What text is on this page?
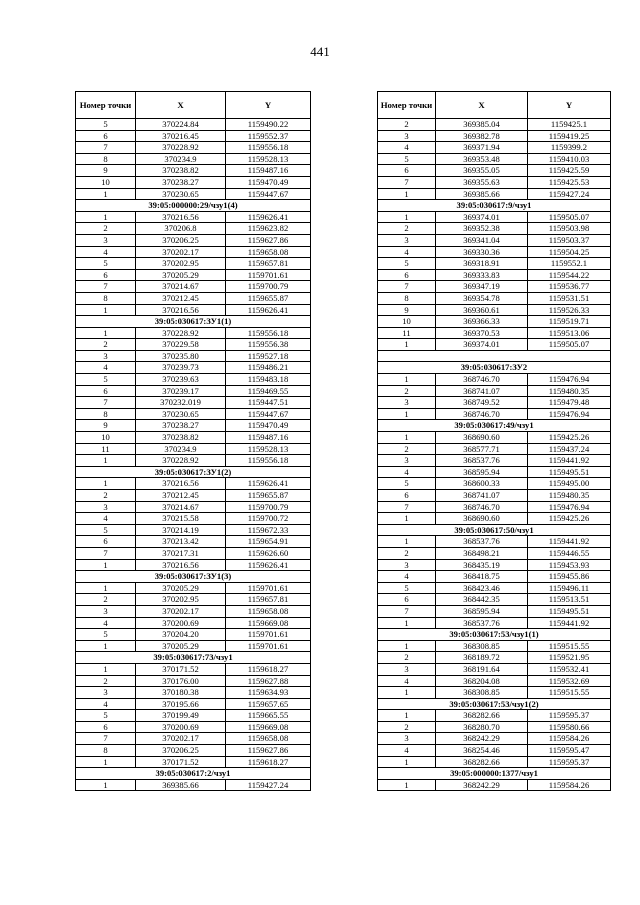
441
Номер точки	X	Y
5	370224.84	1159490.22
6	370216.45	1159552.37
7	370228.92	1159556.18
8	370234.9	1159528.13
9	370238.82	1159487.16
10	370238.27	1159470.49
1	370230.65	1159447.67
39:05:000000:29/чзу1(4)		
1	370216.56	1159626.41
2	370206.8	1159623.82
3	370206.25	1159627.86
4	370202.17	1159658.08
5	370202.95	1159657.81
6	370205.29	1159701.61
7	370214.67	1159700.79
8	370212.45	1159655.87
1	370216.56	1159626.41
39:05:030617:ЗУ1(1)		
1	370228.92	1159556.18
2	370229.58	1159556.38
3	370235.80	1159527.18
4	370239.73	1159486.21
5	370239.63	1159483.18
6	370239.17	1159469.55
7	370232.019	1159447.51
8	370230.65	1159447.67
9	370238.27	1159470.49
10	370238.82	1159487.16
11	370234.9	1159528.13
1	370228.92	1159556.18
39:05:030617:ЗУ1(2)		
1	370216.56	1159626.41
2	370212.45	1159655.87
3	370214.67	1159700.79
4	370215.58	1159700.72
5	370214.19	1159672.33
6	370213.42	1159654.91
7	370217.31	1159626.60
1	370216.56	1159626.41
39:05:030617:ЗУ1(3)		
1	370205.29	1159701.61
2	370202.95	1159657.81
3	370202.17	1159658.08
4	370200.69	1159669.08
5	370204.20	1159701.61
1	370205.29	1159701.61
39:05:030617:73/чзу1		
1	370171.52	1159618.27
2	370176.00	1159627.88
3	370180.38	1159634.93
4	370195.66	1159657.65
5	370199.49	1159665.55
6	370200.69	1159669.08
7	370202.17	1159658.08
8	370206.25	1159627.86
1	370171.52	1159618.27
39:05:030617:2/чзу1		
1	369385.66	1159427.24
Номер точки	X	Y
2	369385.04	1159425.1
3	369382.78	1159419.25
4	369371.94	1159399.2
5	369353.48	1159410.03
6	369355.05	1159425.59
7	369355.63	1159425.53
1	369385.66	1159427.24
39:05:030617:9/чзу1		
1	369374.01	1159505.07
2	369352.38	1159503.98
3	369341.04	1159503.37
4	369330.36	1159504.25
5	369318.91	1159552.1
6	369333.83	1159544.22
7	369347.19	1159536.77
8	369354.78	1159531.51
9	369360.61	1159526.33
10	369366.33	1159519.71
11	369370.53	1159513.06
1	369374.01	1159505.07

39:05:030617:ЗУ2		
1	368746.70	1159476.94
2	368741.07	1159480.35
3	368749.52	1159479.48
1	368746.70	1159476.94
39:05:030617:49/чзу1		
1	368690.60	1159425.26
2	368577.71	1159437.24
3	368537.76	1159441.92
4	368595.94	1159495.51
5	368600.33	1159495.00
6	368741.07	1159480.35
7	368746.70	1159476.94
1	368690.60	1159425.26
39:05:030617:50/чзу1		
1	368537.76	1159441.92
2	368498.21	1159446.55
3	368435.19	1159453.93
4	368418.75	1159455.86
5	368423.46	1159496.11
6	368442.35	1159513.51
7	368595.94	1159495.51
1	368537.76	1159441.92
39:05:030617:53/чзу1(1)		
1	368308.85	1159515.55
2	368189.72	1159521.95
3	368191.64	1159532.41
4	368204.08	1159532.69
1	368308.85	1159515.55
39:05:030617:53/чзу1(2)		
1	368282.66	1159595.37
2	368280.70	1159580.66
3	368242.29	1159584.26
4	368254.46	1159595.47
1	368282.66	1159595.37
39:05:000000:1377/чзу1		
1	368242.29	1159584.26
